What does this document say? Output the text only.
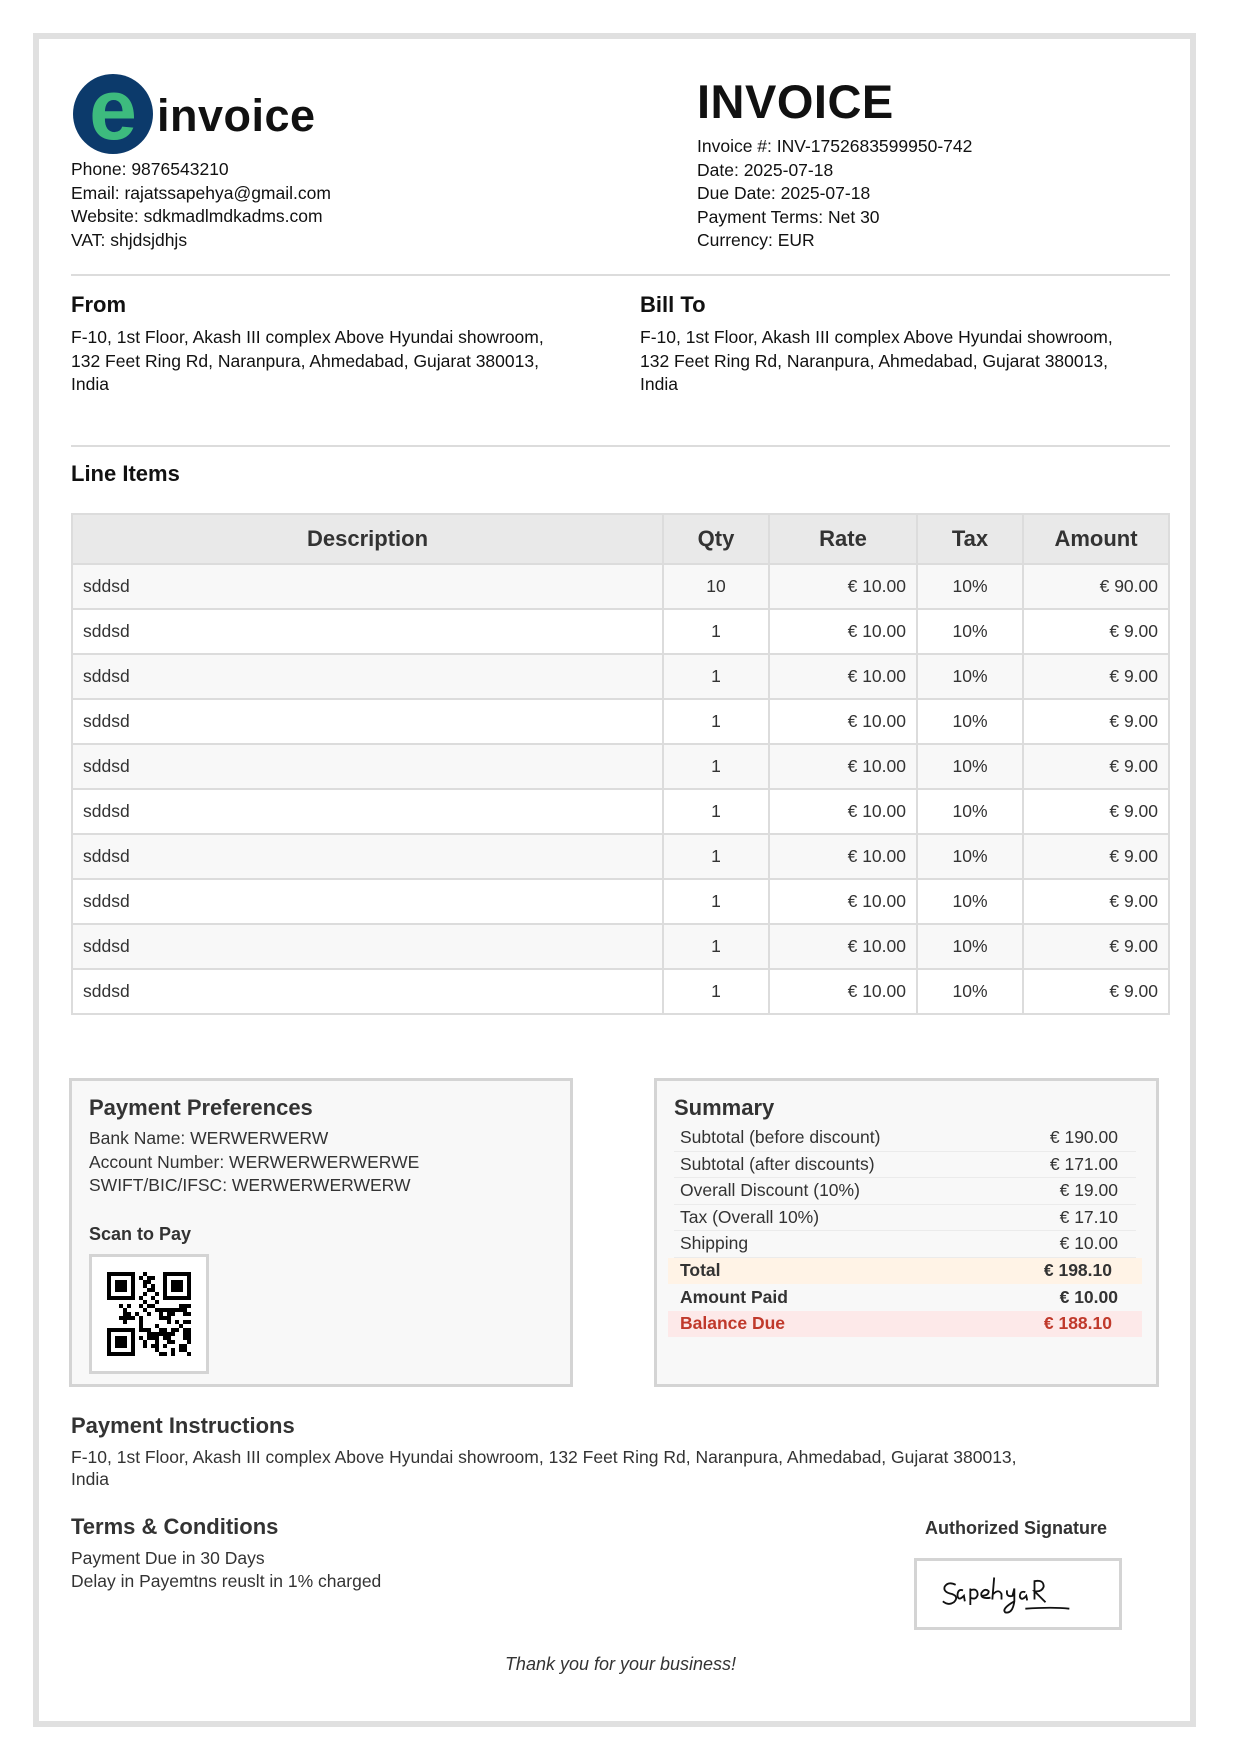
e invoice
Phone: 9876543210
Email: rajatssapehya@gmail.com
Website: sdkmadlmdkadms.com
VAT: shjdsjdhjs
INVOICE
Invoice #: INV-1752683599950-742
Date: 2025-07-18
Due Date: 2025-07-18
Payment Terms: Net 30
Currency: EUR
From

F-10, 1st Floor, Akash III complex Above Hyundai showroom,
132 Feet Ring Rd, Naranpura, Ahmedabad, Gujarat 380013,
India

Bill To

F-10, 1st Floor, Akash III complex Above Hyundai showroom,
132 Feet Ring Rd, Naranpura, Ahmedabad, Gujarat 380013,
India

Line Items
Description	Qty	Rate	Tax	Amount
sddsd	10	€ 10.00	10%	€ 90.00
sddsd	1	€ 10.00	10%	€ 9.00
sddsd	1	€ 10.00	10%	€ 9.00
sddsd	1	€ 10.00	10%	€ 9.00
sddsd	1	€ 10.00	10%	€ 9.00
sddsd	1	€ 10.00	10%	€ 9.00
sddsd	1	€ 10.00	10%	€ 9.00
sddsd	1	€ 10.00	10%	€ 9.00
sddsd	1	€ 10.00	10%	€ 9.00
sddsd	1	€ 10.00	10%	€ 9.00
Payment Preferences
Bank Name: WERWERWERW
Account Number: WERWERWERWERWE
SWIFT/BIC/IFSC: WERWERWERWERW
Scan to Pay
Summary
Subtotal (before discount)	€ 190.00
Subtotal (after discounts)	€ 171.00
Overall Discount (10%)	€ 19.00
Tax (Overall 10%)	€ 17.10
Shipping	€ 10.00
Total	€ 198.10
Amount Paid	€ 10.00
Balance Due	€ 188.10
Payment Instructions
F-10, 1st Floor, Akash III complex Above Hyundai showroom, 132 Feet Ring Rd, Naranpura, Ahmedabad, Gujarat 380013, India
Terms & Conditions
Payment Due in 30 Days
Delay in Payemtns reuslt in 1% charged
Authorized Signature
Thank you for your business!
